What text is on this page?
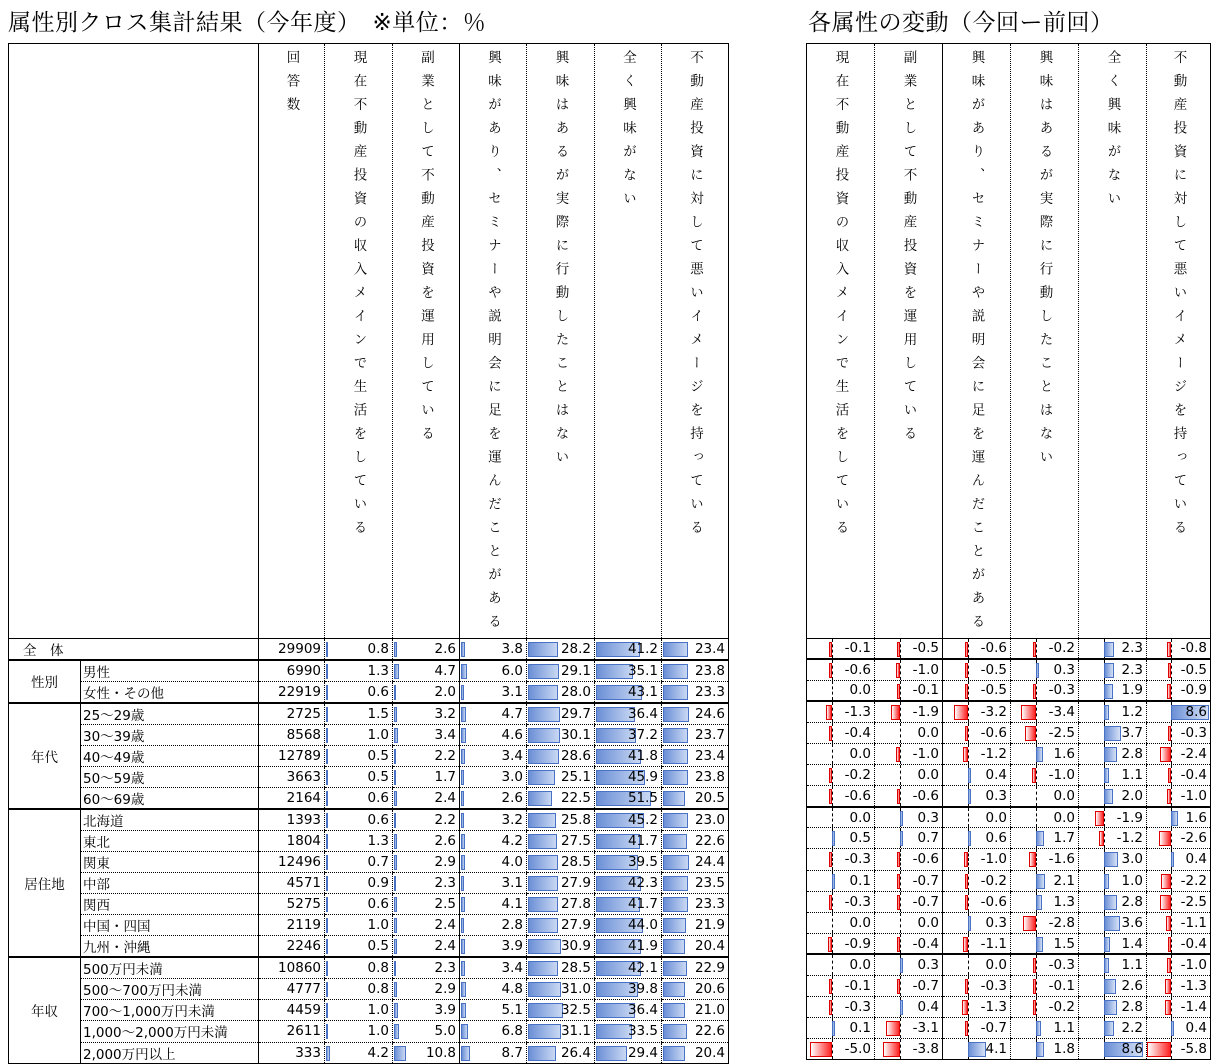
属性別クロス集計結果（今年度）　※単位：％	各属性の変動（今回ー前回）

		回答数	現在不動産投資の収入メインで生活をしている	副業として不動産投資を運用している	興味があり、セミナーや説明会に足を運んだことがある	興味はあるが実際に行動したことはない	全く興味がない	不動産投資に対して悪いイメージを持っている

全　体		29909	0.8	2.6	3.8	28.2	41.2	23.4
性別	男性	6990	1.3	4.7	6.0	29.1	35.1	23.8
	女性・その他	22919	0.6	2.0	3.1	28.0	43.1	23.3
年代	25～29歳	2725	1.5	3.2	4.7	29.7	36.4	24.6
	30～39歳	8568	1.0	3.4	4.6	30.1	37.2	23.7
	40～49歳	12789	0.5	2.2	3.4	28.6	41.8	23.4
	50～59歳	3663	0.5	1.7	3.0	25.1	45.9	23.8
	60～69歳	2164	0.6	2.4	2.6	22.5	51.5	20.5
居住地	北海道	1393	0.6	2.2	3.2	25.8	45.2	23.0
	東北	1804	1.3	2.6	4.2	27.5	41.7	22.6
	関東	12496	0.7	2.9	4.0	28.5	39.5	24.4
	中部	4571	0.9	2.3	3.1	27.9	42.3	23.5
	関西	5275	0.6	2.5	4.1	27.8	41.7	23.3
	中国・四国	2119	1.0	2.4	2.8	27.9	44.0	21.9
	九州・沖縄	2246	0.5	2.4	3.9	30.9	41.9	20.4
年収	500万円未満	10860	0.8	2.3	3.4	28.5	42.1	22.9
	500～700万円未満	4777	0.8	2.9	4.8	31.0	39.8	20.6
	700～1,000万円未満	4459	1.0	3.9	5.1	32.5	36.4	21.0
	1,000～2,000万円未満	2611	1.0	5.0	6.8	31.1	33.5	22.6
	2,000万円以上	333	4.2	10.8	8.7	26.4	29.4	20.4
現在不動産投資の収入メインで生活をしている	副業として不動産投資を運用している	興味があり、セミナーや説明会に足を運んだことがある	興味はあるが実際に行動したことはない	全く興味がない	不動産投資に対して悪いイメージを持っている

-0.1	-0.5	-0.6	-0.2	2.3	-0.8

-0.6	-1.0	-0.5	0.3	2.3	-0.5

0.0	-0.1	-0.5	-0.3	1.9	-0.9

-1.3	-1.9	-3.2	-3.4	1.2	8.6

-0.4	0.0	-0.6	-2.5	3.7	-0.3

0.0	-1.0	-1.2	1.6	2.8	-2.4

-0.2	0.0	0.4	-1.0	1.1	-0.4

-0.6	-0.6	0.3	0.0	2.0	-1.0

0.0	0.3	0.0	0.0	-1.9	1.6

0.5	0.7	0.6	1.7	-1.2	-2.6

-0.3	-0.6	-1.0	-1.6	3.0	0.4

0.1	-0.7	-0.2	2.1	1.0	-2.2

-0.3	-0.7	-0.6	1.3	2.8	-2.5

0.0	0.0	0.3	-2.8	3.6	-1.1

-0.9	-0.4	-1.1	1.5	1.4	-0.4

0.0	0.3	0.0	-0.3	1.1	-1.0

-0.1	-0.7	-0.3	-0.1	2.6	-1.3

-0.3	0.4	-1.3	-0.2	2.8	-1.4

0.1	-3.1	-0.7	1.1	2.2	0.4

-5.0	-3.8	4.1	1.8	8.6	-5.8
